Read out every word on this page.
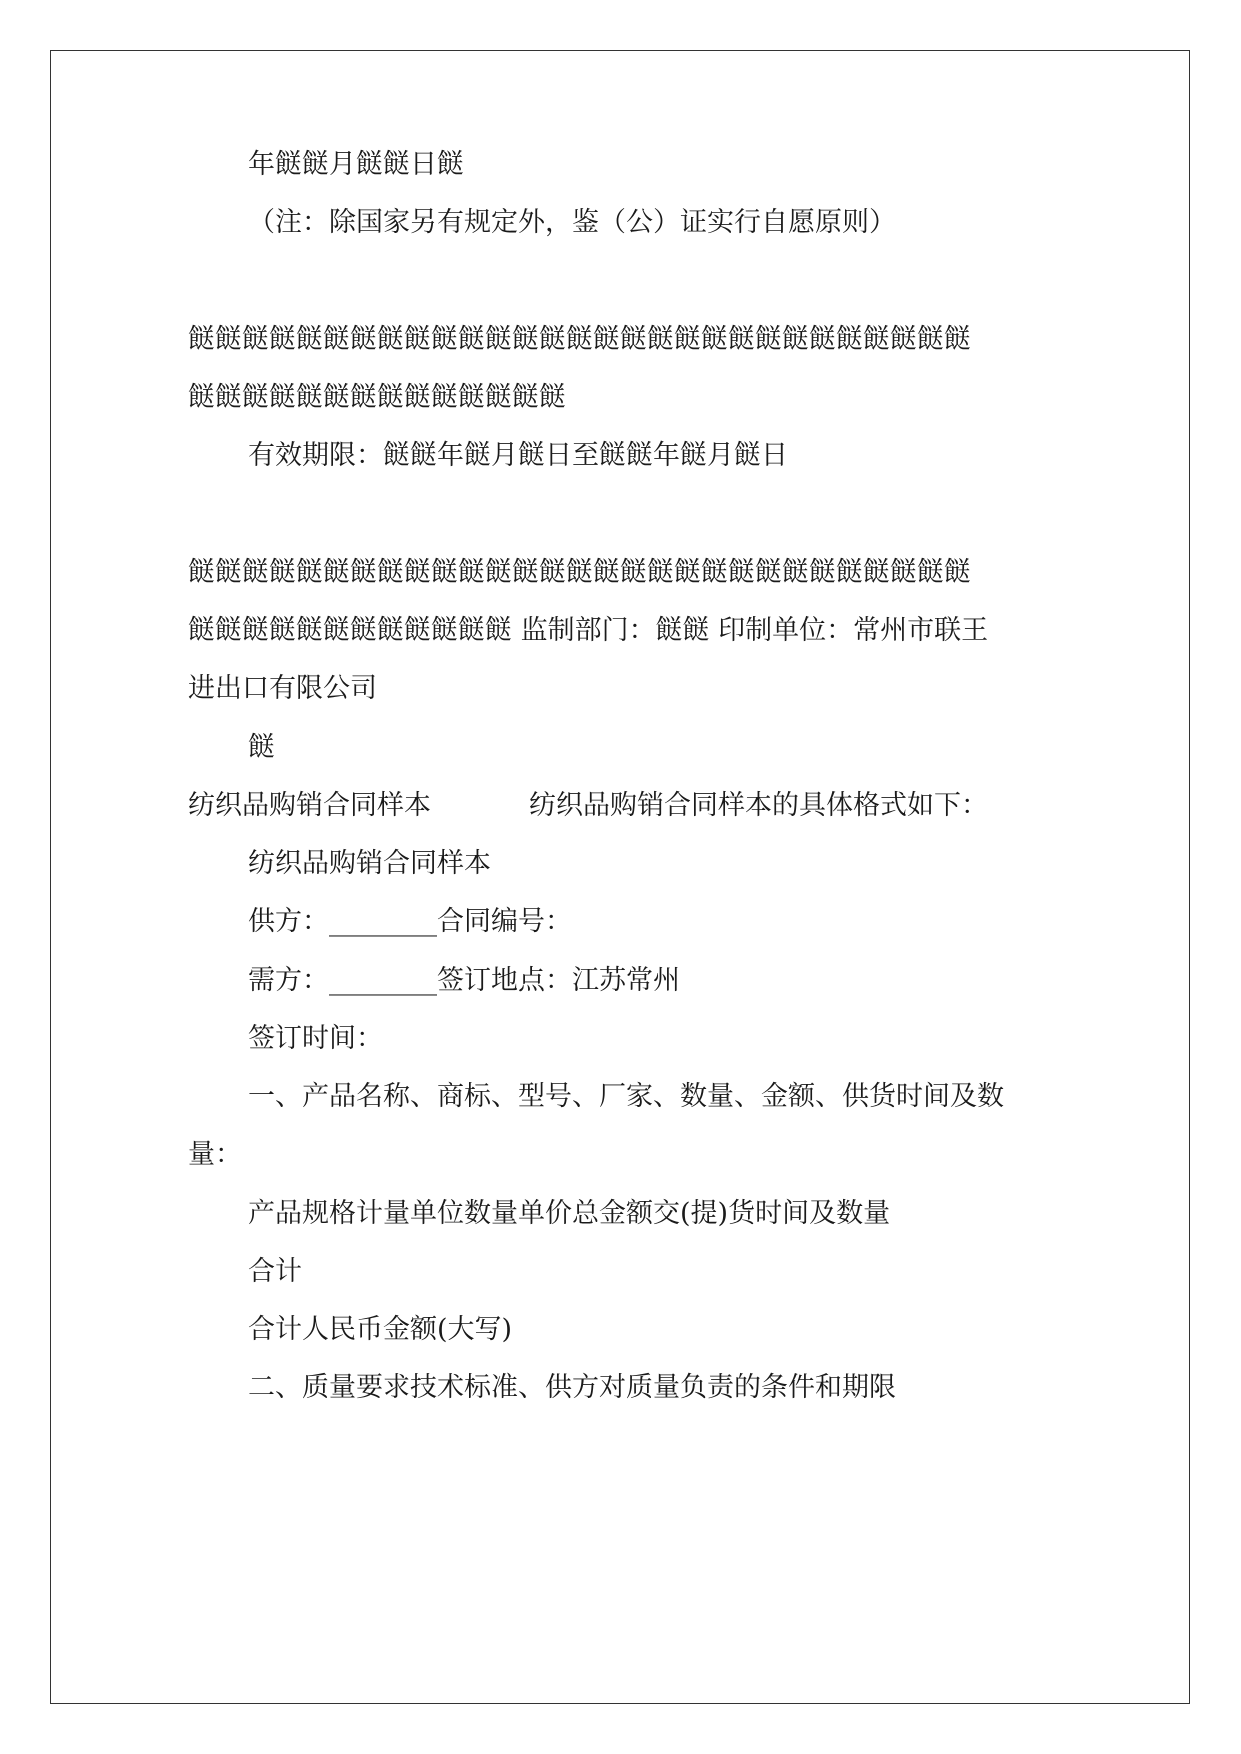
年餸餸月餸餸日餸
（注：除国家另有规定外，鉴（公）证实行自愿原则）
餸餸餸餸餸餸餸餸餸餸餸餸餸餸餸餸餸餸餸餸餸餸餸餸餸餸餸餸餸
餸餸餸餸餸餸餸餸餸餸餸餸餸餸
有效期限：餸餸年餸月餸日至餸餸年餸月餸日
餸餸餸餸餸餸餸餸餸餸餸餸餸餸餸餸餸餸餸餸餸餸餸餸餸餸餸餸餸
餸餸餸餸餸餸餸餸餸餸餸餸 监制部门：餸餸 印制单位：常州市联王
进出口有限公司
餸
纺织品购销合同样本	纺织品购销合同样本的具体格式如下：
纺织品购销合同样本
供方：________合同编号：
需方：________签订地点：江苏常州
签订时间：
一、产品名称、商标、型号、厂家、数量、金额、供货时间及数
量：
产品规格计量单位数量单价总金额交(提)货时间及数量
合计
合计人民币金额(大写)
二、质量要求技术标准、供方对质量负责的条件和期限
